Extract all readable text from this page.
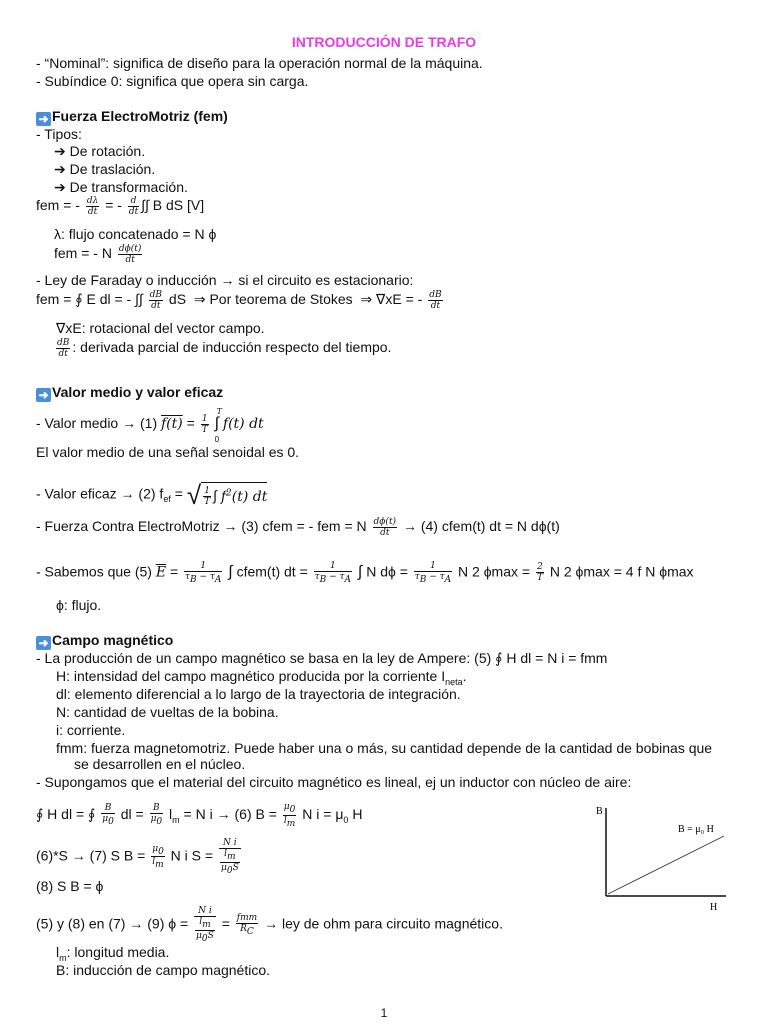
INTRODUCCIÓN DE TRAFO
- “Nominal”: significa de diseño para la operación normal de la máquina.
- Subíndice 0: significa que opera sin carga.
➜ Fuerza ElectroMotriz (fem)
- Tipos:
➔ De rotación.
➔ De traslación.
➔ De transformación.
fem = - $\frac{d\lambda}{dt}$ = - $\frac{d}{dt}$ ∫∫ B dS [V]
λ: flujo concatenado = N ϕ
fem = - N $\frac{d\phi(t)}{dt}$
- Ley de Faraday o inducción → si el circuito es estacionario:
fem = ∮ E dl = - ∫∫ $\frac{dB}{dt}$ dS  ⇒ Por teorema de Stokes  ⇒ ∇xE = - $\frac{dB}{dt}$
∇xE: rotacional del vector campo.
$\frac{dB}{dt}$ : derivada parcial de inducción respecto del tiempo.
➜ Valor medio y valor eficaz
- Valor medio → (1) $f(t) = \frac{1}{T}$ ∫
T
0
f(t) dt
El valor medio de una señal senoidal es 0.
- Valor eficaz → (2) $f_{ef}$ = √ $\frac{1}{T}$ ∫ $f^2(t)$ dt
- Fuerza Contra ElectroMotriz → (3) cfem = - fem = N $\frac{d\phi(t)}{dt} \to (4)$ cfem(t) dt = N dϕ(t)
- Sabemos que (5) $\overline{E} = \frac{1}{\tau_B - \tau_A}$ ∫ cfem(t) dt = $\frac{1}{\tau_B - \tau_A}$ ∫ N $d\phi = \frac{1}{\tau_B - \tau_A}$ N 2 $\phi\max = \frac{2}{T}$ N 2 ϕmax = 4 f N ϕmax
ϕ: flujo.
➜ Campo magnético
- La producción de un campo magnético se basa en la ley de Ampere: (5) ∮ H dl = N i = fmm
H: intensidad del campo magnético producida por la corriente $I_{neta}$.
dl: elemento diferencial a lo largo de la trayectoria de integración.
N: cantidad de vueltas de la bobina.
i: corriente.
fmm: fuerza magnetomotriz. Puede haber una o más, su cantidad depende de la cantidad de bobinas que
se desarrollen en el núcleo.
- Supongamos que el material del circuito magnético es lineal, ej un inductor con núcleo de aire:
∮ H dl = ∮ $\frac{B}{\mu_0}$ dl = $\frac{B}{\mu_0} l_m = N$ i → (6) $B = \frac{\mu_0}{l_m}$ N $i = \mu_0$ H
(6)*S → (7) S $B = \frac{\mu_0}{l_m}$ N i $S = \frac{\text{N i}}{\frac{l_m}{\mu_0S}}$
(8) S B = ϕ
(5) y (8) en (7) → (9) $\phi = \frac{\text{N i}}{\frac{l_m}{\mu_0S}} = \frac{\text{fmm}}{R_C}$ → ley de ohm para circuito magnético.
$l_m$: longitud media.
B: inducción de campo magnético.
B
H
B = μ₀ H
1
